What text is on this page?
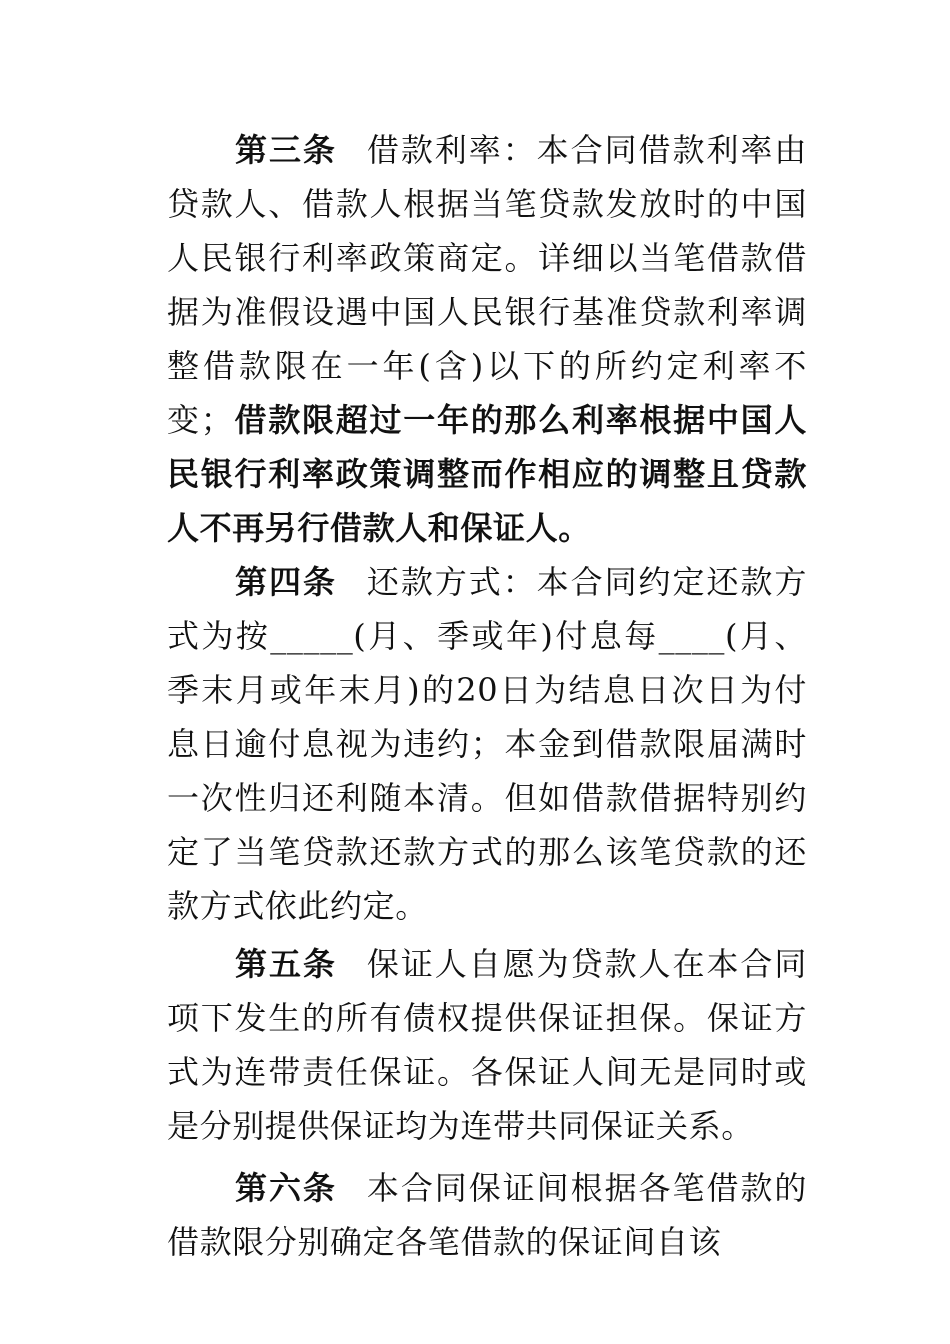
第三条 借款利率：本合同借款利率由贷款人、借款人根据当笔贷款发放时的中国人民银行利率政策商定。详细以当笔借款借据为准假设遇中国人民银行基准贷款利率调整借款限在一年(含)以下的所约定利率不变；借款限超过一年的那么利率根据中国人民银行利率政策调整而作相应的调整且贷款人不再另行借款人和保证人。

第四条 还款方式：本合同约定还款方式为按_____(月、季或年)付息每____(月、季末月或年末月)的20日为结息日次日为付息日逾付息视为违约；本金到借款限届满时一次性归还利随本清。但如借款借据特别约定了当笔贷款还款方式的那么该笔贷款的还款方式依此约定。

第五条 保证人自愿为贷款人在本合同项下发生的所有债权提供保证担保。保证方式为连带责任保证。各保证人间无是同时或是分别提供保证均为连带共同保证关系。

第六条 本合同保证间根据各笔借款的借款限分别确定各笔借款的保证间自该
